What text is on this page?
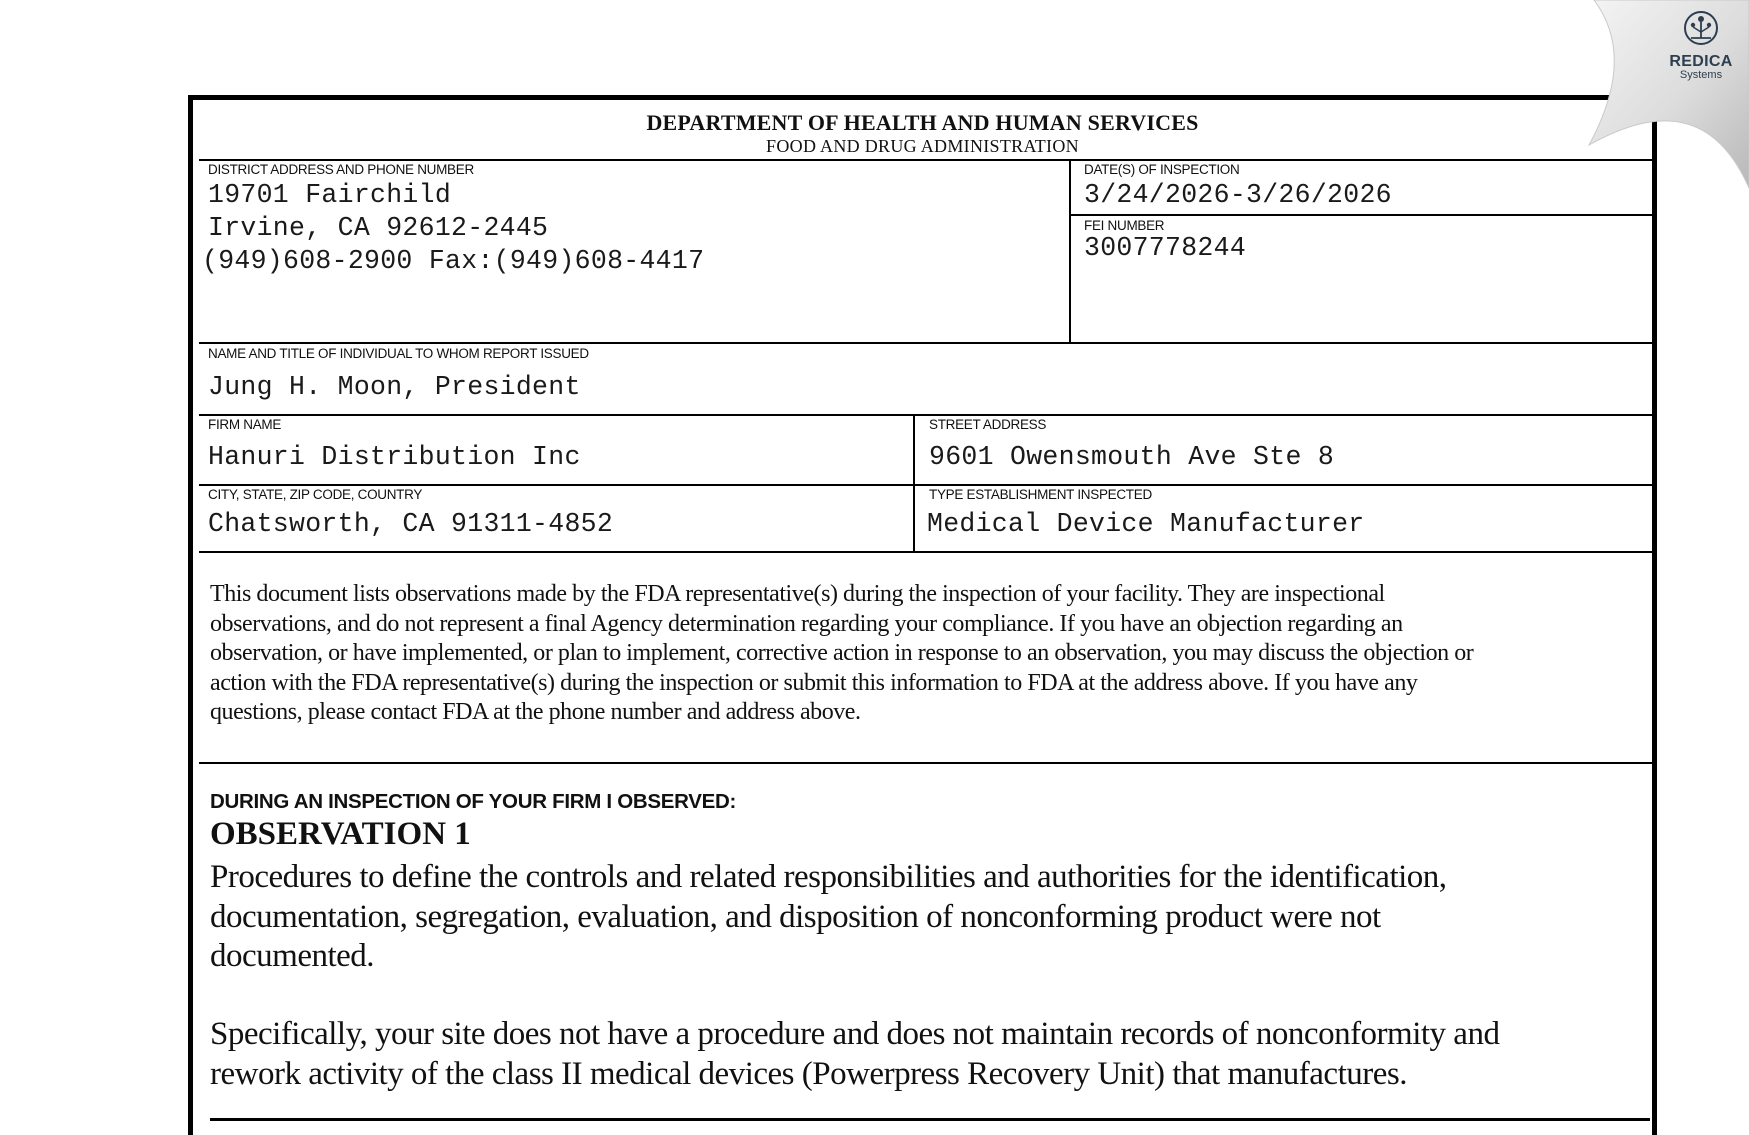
DEPARTMENT OF HEALTH AND HUMAN SERVICES
FOOD AND DRUG ADMINISTRATION
DISTRICT ADDRESS AND PHONE NUMBER
19701 Fairchild
Irvine, CA 92612-2445
(949)608-2900 Fax:(949)608-4417
DATE(S) OF INSPECTION
3/24/2026-3/26/2026
FEI NUMBER
3007778244
NAME AND TITLE OF INDIVIDUAL TO WHOM REPORT ISSUED
Jung H. Moon, President
FIRM NAME
Hanuri Distribution Inc
STREET ADDRESS
9601 Owensmouth Ave Ste 8
CITY, STATE, ZIP CODE, COUNTRY
Chatsworth, CA 91311-4852
TYPE ESTABLISHMENT INSPECTED
Medical Device Manufacturer

This document lists observations made by the FDA representative(s) during the inspection of your facility. They are inspectional

observations, and do not represent a final Agency determination regarding your compliance. If you have an objection regarding an

observation, or have implemented, or plan to implement, corrective action in response to an observation, you may discuss the objection or

action with the FDA representative(s) during the inspection or submit this information to FDA at the address above. If you have any

questions, please contact FDA at the phone number and address above.

DURING AN INSPECTION OF YOUR FIRM I OBSERVED:
OBSERVATION 1

Procedures to define the controls and related responsibilities and authorities for the identification,

documentation, segregation, evaluation, and disposition of nonconforming product were not

documented.

Specifically, your site does not have a procedure and does not maintain records of nonconformity and

rework activity of the class II medical devices (Powerpress Recovery Unit) that manufactures.

REDICA
Systems
